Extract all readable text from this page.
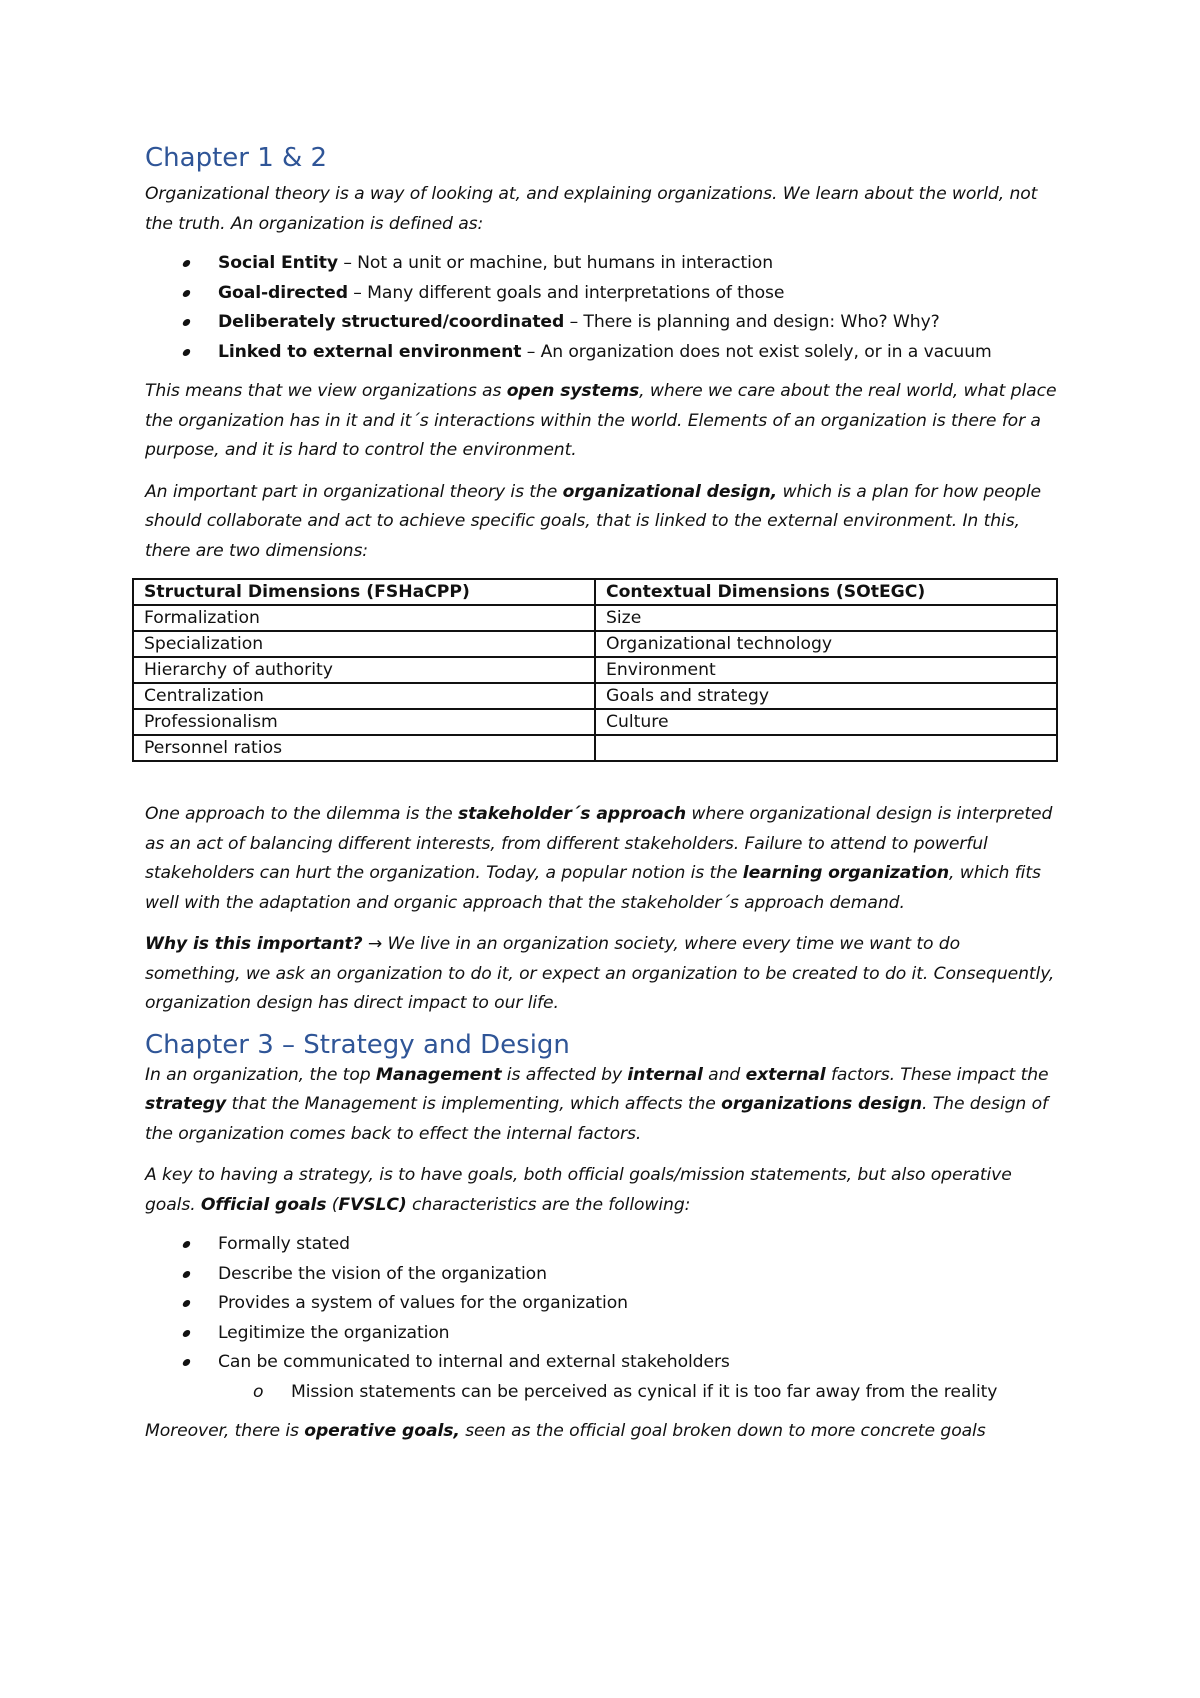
Chapter 1 & 2

Organizational theory is a way of looking at, and explaining organizations. We learn about the world, not the truth. An organization is defined as:

Social Entity – Not a unit or machine, but humans in interaction
Goal-directed – Many different goals and interpretations of those
Deliberately structured/coordinated – There is planning and design: Who? Why?
Linked to external environment – An organization does not exist solely, or in a vacuum

This means that we view organizations as open systems, where we care about the real world, what place the organization has in it and it´s interactions within the world. Elements of an organization is there for a purpose, and it is hard to control the environment.

An important part in organizational theory is the organizational design, which is a plan for how people should collaborate and act to achieve specific goals, that is linked to the external environment. In this, there are two dimensions:

Structural Dimensions (FSHaCPP)	Contextual Dimensions (SOtEGC)
Formalization	Size
Specialization	Organizational technology
Hierarchy of authority	Environment
Centralization	Goals and strategy
Professionalism	Culture
Personnel ratios	

One approach to the dilemma is the stakeholder´s approach where organizational design is interpreted as an act of balancing different interests, from different stakeholders. Failure to attend to powerful stakeholders can hurt the organization. Today, a popular notion is the learning organization, which fits well with the adaptation and organic approach that the stakeholder´s approach demand.

Why is this important? → We live in an organization society, where every time we want to do something, we ask an organization to do it, or expect an organization to be created to do it. Consequently, organization design has direct impact to our life.

Chapter 3 – Strategy and Design

In an organization, the top Management is affected by internal and external factors. These impact the strategy that the Management is implementing, which affects the organizations design. The design of the organization comes back to effect the internal factors.

A key to having a strategy, is to have goals, both official goals/mission statements, but also operative goals. Official goals (FVSLC) characteristics are the following:

Formally stated
Describe the vision of the organization
Provides a system of values for the organization
Legitimize the organization
Can be communicated to internal and external stakeholders
o Mission statements can be perceived as cynical if it is too far away from the reality

Moreover, there is operative goals, seen as the official goal broken down to more concrete goals
